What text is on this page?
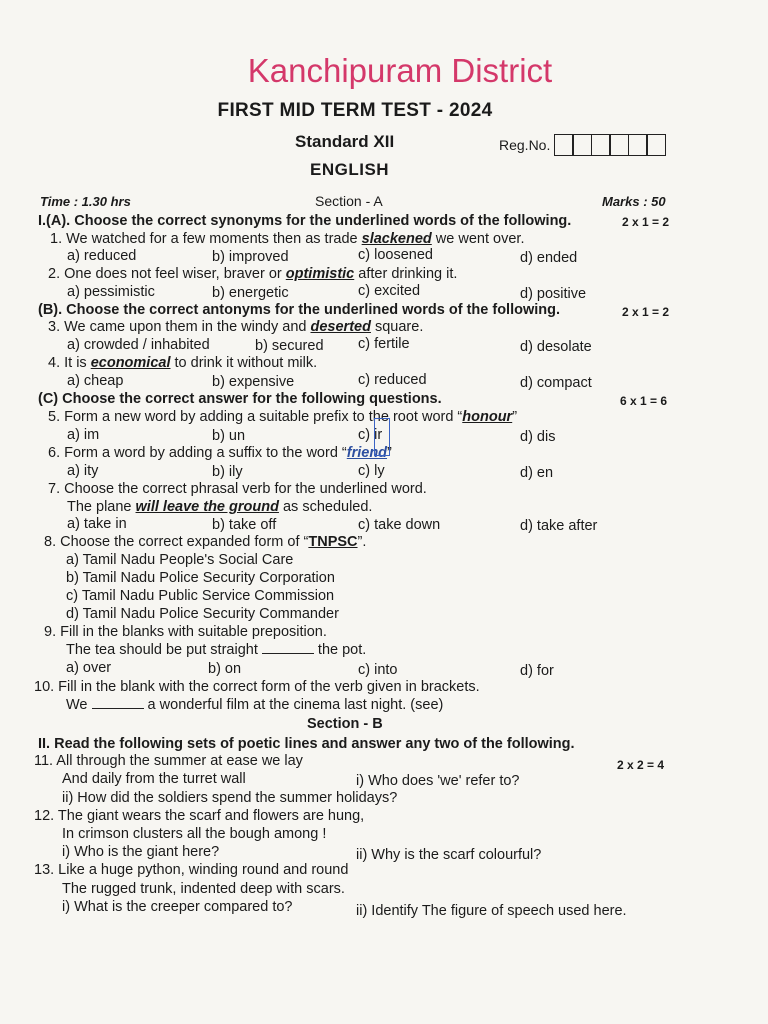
Kanchipuram District
FIRST MID TERM TEST - 2024
Standard XII	Reg.No.
ENGLISH
Time : 1.30 hrs	Section - A	Marks : 50
I.(A). Choose the correct synonyms for the underlined words of the following.	2 x 1 = 2
1. We watched for a few moments then as trade slackened we went over.
a) reduced	b) improved	c) loosened	d) ended
2. One does not feel wiser, braver or optimistic after drinking it.
a) pessimistic	b) energetic	c) excited	d) positive
(B). Choose the correct antonyms for the underlined words of the following.	2 x 1 = 2
3. We came upon them in the windy and deserted square.
a) crowded / inhabited	b) secured c) fertile	d) desolate
4. It is economical to drink it without milk.
a) cheap	b) expensive	c) reduced	d) compact
(C) Choose the correct answer for the following questions.	6 x 1 = 6
5. Form a new word by adding a suitable prefix to the root word “honour”
a) im	b) un	c) ir	d) dis
6. Form a word by adding a suffix to the word “friend”
a) ity	b) ily	c) ly	d) en
7. Choose the correct phrasal verb for the underlined word.
The plane will leave the ground as scheduled.
a) take in	b) take off	c) take down	d) take after
8. Choose the correct expanded form of “TNPSC”.
a) Tamil Nadu People's Social Care
b) Tamil Nadu Police Security Corporation
c) Tamil Nadu Public Service Commission
d) Tamil Nadu Police Security Commander
9. Fill in the blanks with suitable preposition.
The tea should be put straight	the pot.
a) over	b) on	c) into	d) for
10. Fill in the blank with the correct form of the verb given in brackets.
We	a wonderful film at the cinema last night. (see)
Section - B
II. Read the following sets of poetic lines and answer any two of the following.
2 x 2 = 4
11. All through the summer at ease we lay
And daily from the turret wall	i) Who does 'we' refer to?
ii) How did the soldiers spend the summer holidays?
12. The giant wears the scarf and flowers are hung,
In crimson clusters all the bough among !
i) Who is the giant here?	ii) Why is the scarf colourful?
13. Like a huge python, winding round and round
The rugged trunk, indented deep with scars.
i) What is the creeper compared to?	ii) Identify The figure of speech used here.
